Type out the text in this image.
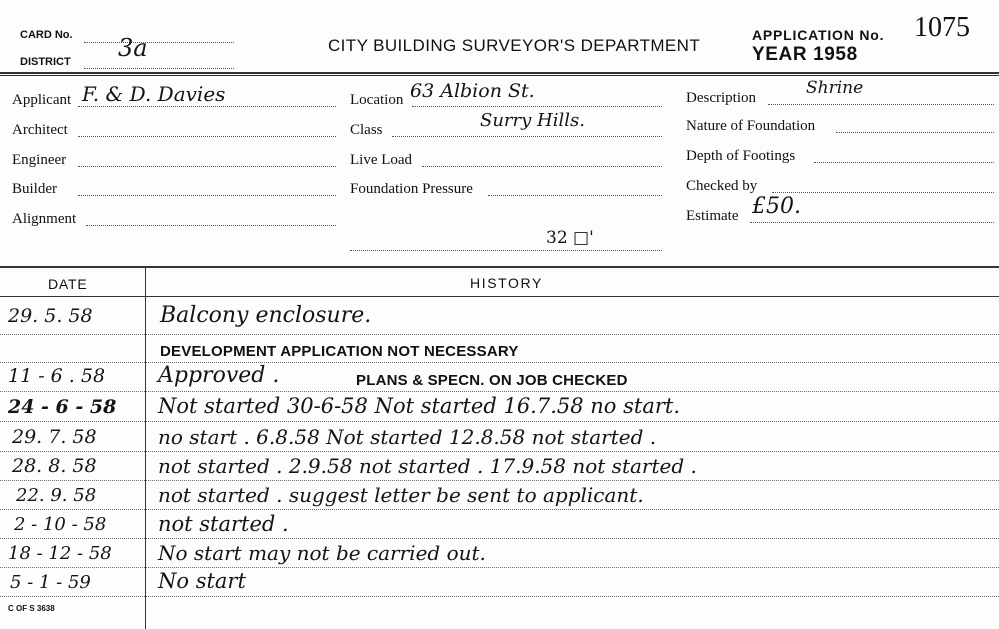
CARD No.
DISTRICT 3a	CITY BUILDING SURVEYOR'S DEPARTMENT
APPLICATION No. 1075
YEAR 1958
Applicant F. & D. Davies
Architect
Engineer
Builder
Alignment
Location 63 Albion St.
Class	Surry Hills.
Live Load
Foundation Pressure
32 □'
Description	Shrine
Nature of Foundation
Depth of Footings
Checked by
Estimate £50.
DATE	HISTORY
29. 5. 58	Balcony enclosure.
DEVELOPMENT APPLICATION NOT NECESSARY
11 - 6 . 58 Approved .	PLANS & SPECN. ON JOB CHECKED
24 - 6 - 58 Not started 30-6-58 Not started 16.7.58 no start.
29. 7. 58	no start . 6.8.58 Not started 12.8.58 not started .
28. 8. 58	not started . 2.9.58 not started . 17.9.58 not started .
22. 9. 58	not started . suggest letter be sent to applicant.
2 - 10 - 58 not started .
18 - 12 - 58 No start may not be carried out.
5 - 1 - 59	No start
C OF S 3638
